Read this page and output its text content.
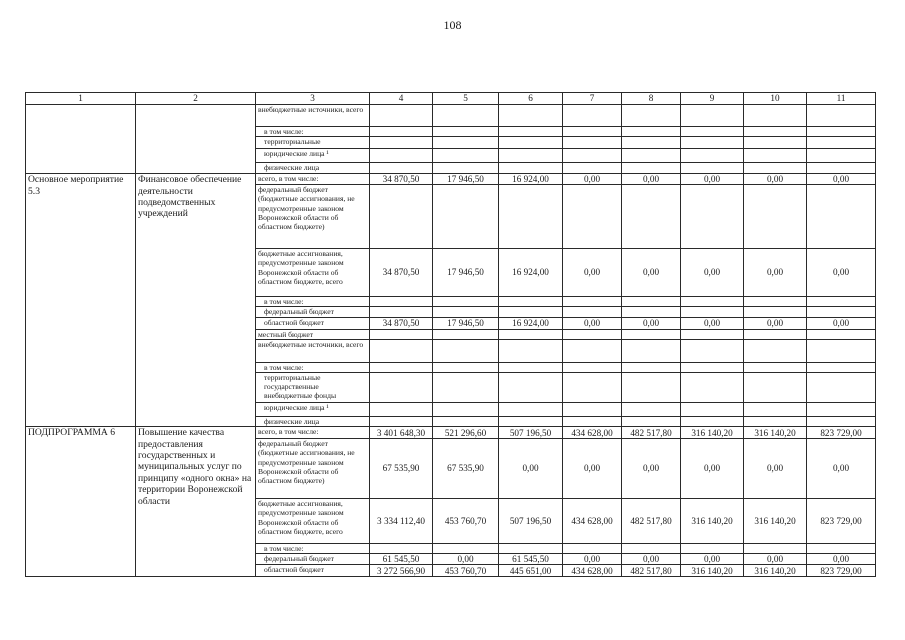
108
1	2	3	4	5	6	7	8	9	10	11
		внебюджетные источники, всего								
		в том числе:								
		территориальные								
		юридические лица ¹								
		физические лица								
Основное мероприятие 5.3	Финансовое обеспечение деятельности подведомственных учреждений	всего, в том числе:	34 870,50	17 946,50	16 924,00	0,00	0,00	0,00	0,00	0,00
		федеральный бюджет (бюджетные ассигнования, не предусмотренные законом Воронежской области об областном бюджете)								
		бюджетные ассигнования, предусмотренные законом Воронежской области об областном бюджете, всего	34 870,50	17 946,50	16 924,00	0,00	0,00	0,00	0,00	0,00
		в том числе:								
		федеральный бюджет								
		областной бюджет	34 870,50	17 946,50	16 924,00	0,00	0,00	0,00	0,00	0,00
		местный бюджет								
		внебюджетные источники, всего								
		в том числе:								
		территориальные государственные внебюджетные фонды								
		юридические лица ¹								
		физические лица								
ПОДПРОГРАММА 6	Повышение качества предоставления государственных и муниципальных услуг по принципу «одного окна» на территории Воронежской области	всего, в том числе:	3 401 648,30	521 296,60	507 196,50	434 628,00	482 517,80	316 140,20	316 140,20	823 729,00
		федеральный бюджет (бюджетные ассигнования, не предусмотренные законом Воронежской области об областном бюджете)	67 535,90	67 535,90	0,00	0,00	0,00	0,00	0,00	0,00
		бюджетные ассигнования, предусмотренные законом Воронежской области об областном бюджете, всего	3 334 112,40	453 760,70	507 196,50	434 628,00	482 517,80	316 140,20	316 140,20	823 729,00
		в том числе:								
		федеральный бюджет	61 545,50	0,00	61 545,50	0,00	0,00	0,00	0,00	0,00
		областной бюджет	3 272 566,90	453 760,70	445 651,00	434 628,00	482 517,80	316 140,20	316 140,20	823 729,00
